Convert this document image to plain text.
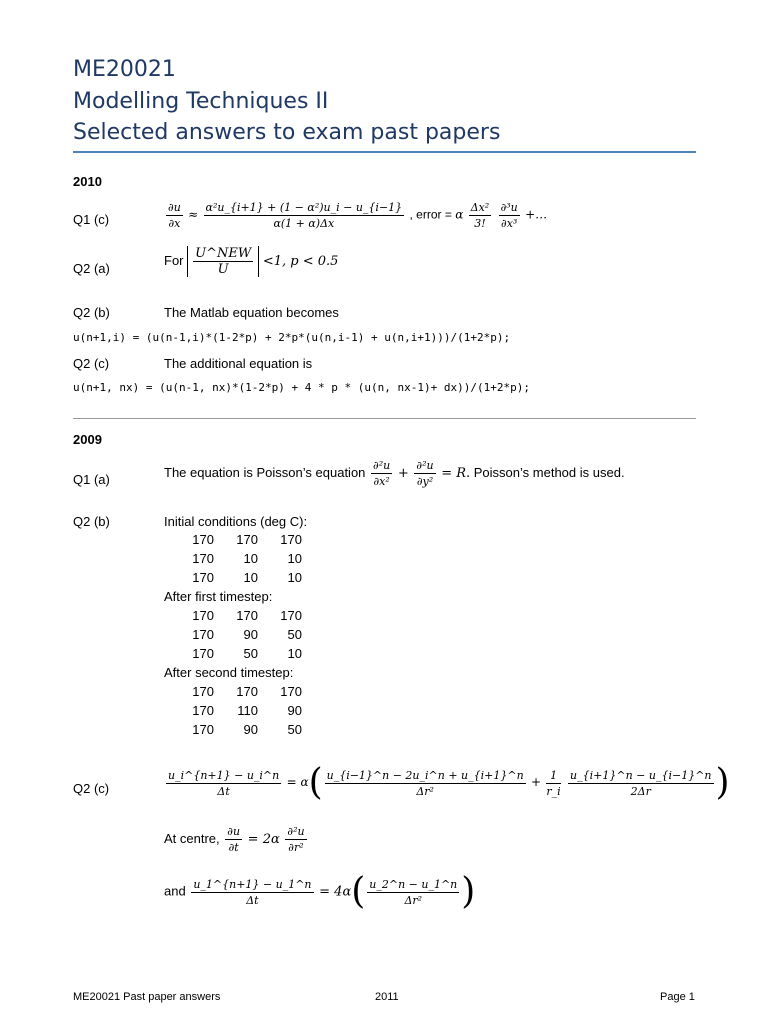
ME20021
Modelling Techniques II
Selected answers to exam past papers
2010
Q1 (c)	$\frac{\partial u}{\partial x} \approx \frac{\text{α²u\_\{i+1\} + (1 − α²)u\_i − u\_\{i−1\}}}{\alpha(1 + \alpha)\Delta x}$ , error = α $\frac{\text{Δx²}}{3!}$
$\frac{\text{∂³u}}{\text{∂x³}}$ +…
Q2 (a)
For $\frac{\text{U\textasciicircum{}NEW}}{U} <1$, p < 0.5
Q2 (b)	The Matlab equation becomes
u(n+1,i) = (u(n-1,i)*(1-2*p) + 2*p*(u(n,i-1) + u(n,i+1)))/(1+2*p);
Q2 (c)	The additional equation is
u(n+1, nx) = (u(n-1, nx)*(1-2*p) + 4 * p * (u(n, nx-1)+ dx))/(1+2*p);
2009
Q1 (a)	The equation is Poisson’s equation $\frac{\text{∂²u}}{\text{∂x²}} + \frac{\text{∂²u}}{\text{∂y²}} = R$. Poisson’s method is used.
Q2 (b)	Initial conditions (deg C):
170 170 170
170 10 10
170 10 10
After first timestep:
170 170 170
170 90 50
170 50 10
After second timestep:
170 170 170
170 110 90
170 90 50
Q2 (c)	$\frac{u\_i\^{}\{n+1\} - u\_i\^{}n}{\Delta t} = \alpha( \frac{u\_\{i-1\}\^{}n - 2u\_i\^{}n + u\_\{i+1\}\^{}n}{\text{Δr²}} + \frac{1}{r\_i}$
$\frac{u\_\{i+1\}\^{}n - u\_\{i-1\}\^{}n}{2\Delta r}$ )
At centre, $\frac{\partial u}{\partial t} = 2\alpha \frac{\text{∂²u}}{\text{∂r²}}$
and $\frac{u\_1\^{}\{n+1\} - u\_1\^{}n}{\Delta t} = 4\alpha( \frac{u\_2\^{}n - u\_1\^{}n}{\text{Δr²}}$ )
ME20021 Past paper answers	2011	Page 1
